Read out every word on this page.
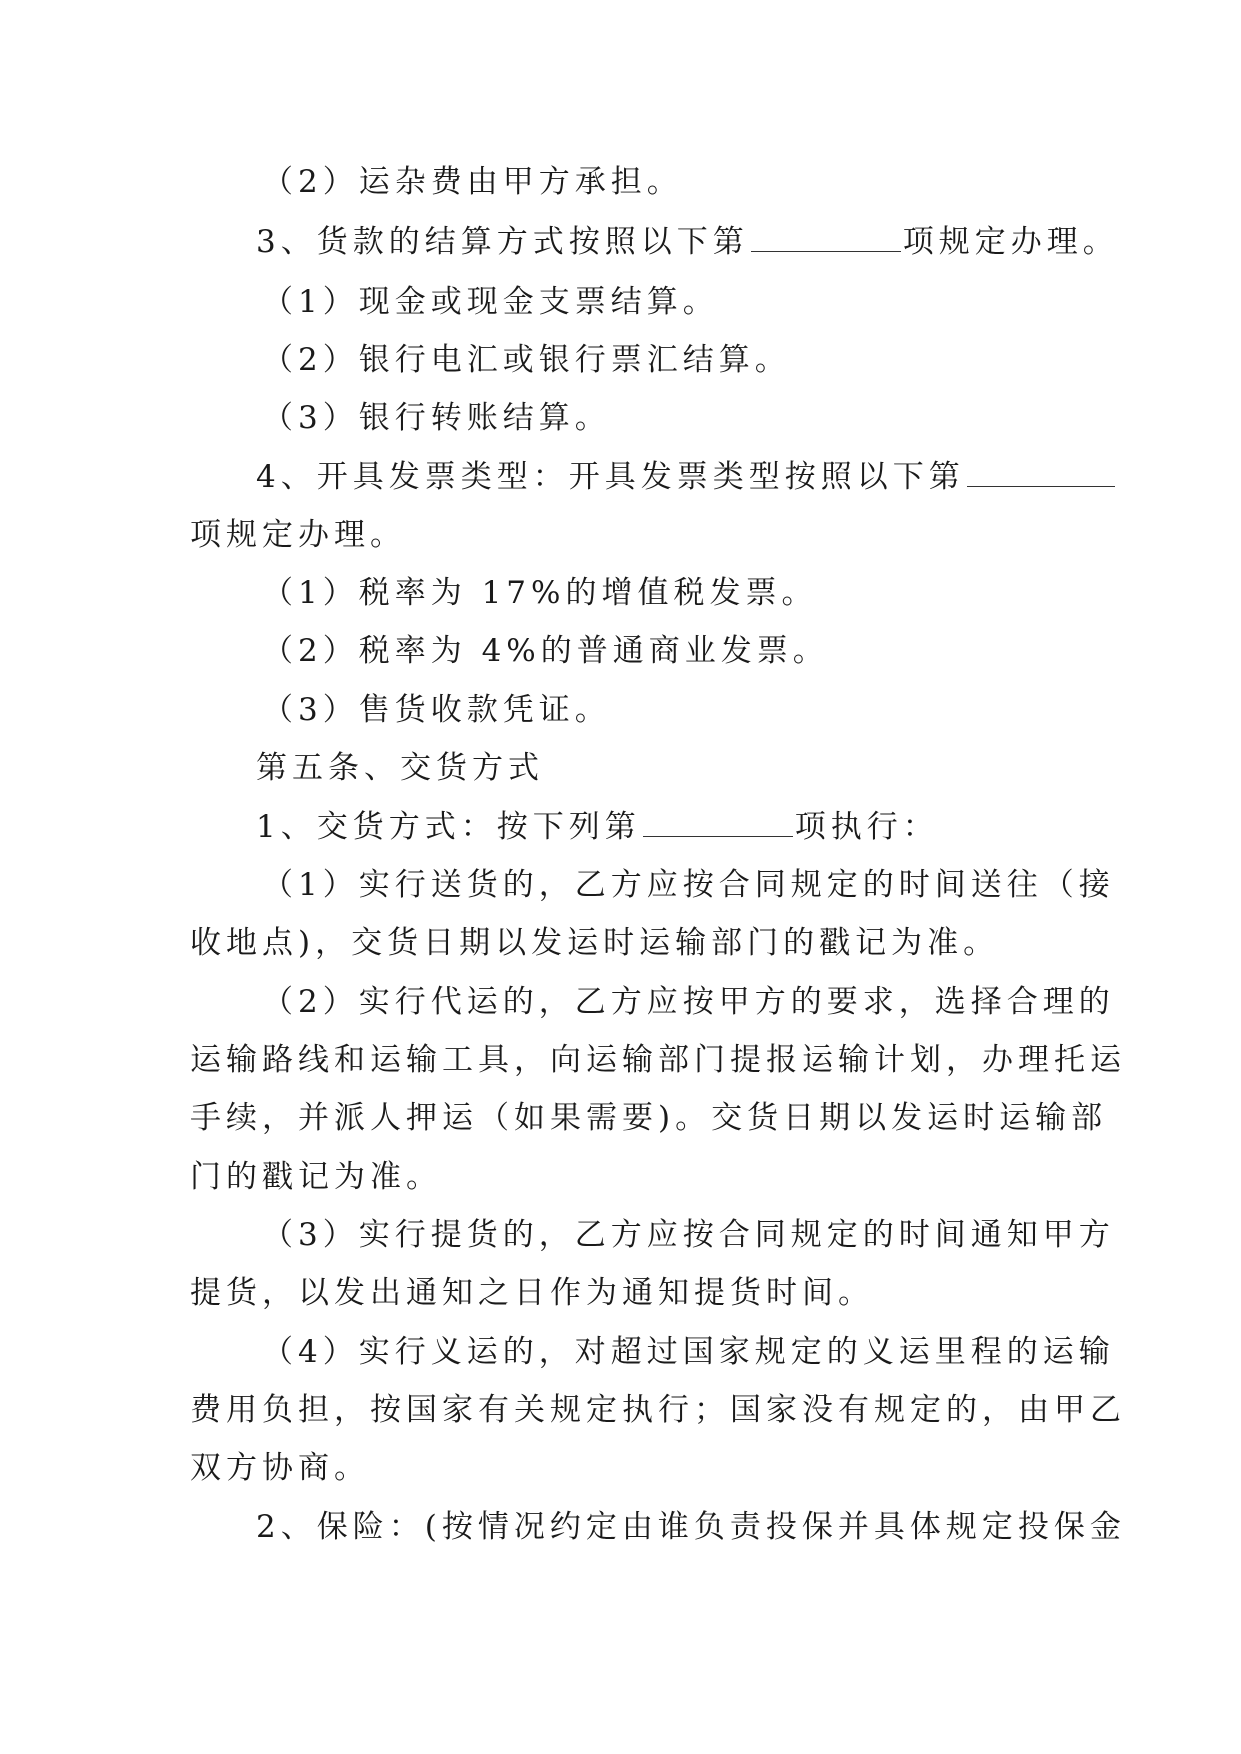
（2）运杂费由甲方承担。
3、货款的结算方式按照以下第	项规定办理。
（1）现金或现金支票结算。
（2）银行电汇或银行票汇结算。
（3）银行转账结算。
4、开具发票类型：开具发票类型按照以下第
项规定办理。
（1）税率为 17%的增值税发票。
（2）税率为 4%的普通商业发票。
（3）售货收款凭证。
第五条、交货方式
1、交货方式：按下列第	项执行：
（1）实行送货的，乙方应按合同规定的时间送往（接
收地点)，交货日期以发运时运输部门的戳记为准。
（2）实行代运的，乙方应按甲方的要求，选择合理的
运输路线和运输工具，向运输部门提报运输计划，办理托运
手续，并派人押运（如果需要)。交货日期以发运时运输部
门的戳记为准。
（3）实行提货的，乙方应按合同规定的时间通知甲方
提货，以发出通知之日作为通知提货时间。
（4）实行义运的，对超过国家规定的义运里程的运输
费用负担，按国家有关规定执行；国家没有规定的，由甲乙
双方协商。
2、保险：(按情况约定由谁负责投保并具体规定投保金
